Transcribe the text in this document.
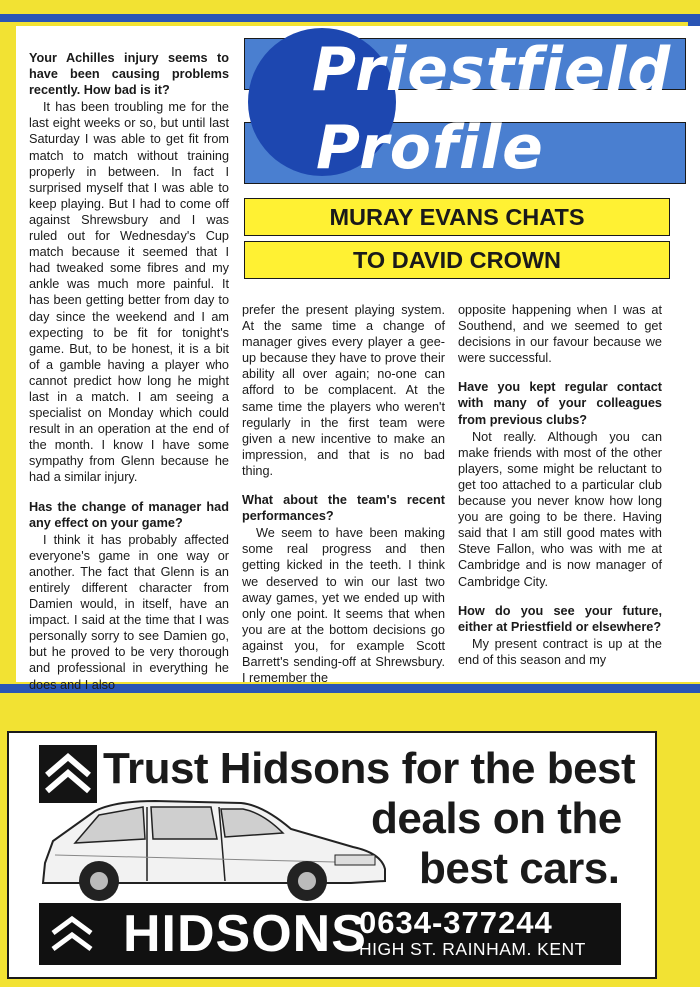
Priestfield
Profile
MURAY EVANS CHATS
TO DAVID CROWN

Your Achilles injury seems to have been causing problems recently. How bad is it?

It has been troubling me for the last eight weeks or so, but until last Saturday I was able to get fit from match to match without training properly in between. In fact I surprised myself that I was able to keep playing. But I had to come off against Shrewsbury and I was ruled out for Wednesday's Cup match because it seemed that I had tweaked some fibres and my ankle was much more painful. It has been getting better from day to day since the weekend and I am expecting to be fit for tonight's game. But, to be honest, it is a bit of a gamble having a player who cannot predict how long he might last in a match. I am seeing a specialist on Monday which could result in an operation at the end of the month. I know I have some sympathy from Glenn because he had a similar injury.

Has the change of manager had any effect on your game?

I think it has probably affected everyone's game in one way or another. The fact that Glenn is an entirely different character from Damien would, in itself, have an impact. I said at the time that I was personally sorry to see Damien go, but he proved to be very thorough and professional in everything he does and I also

prefer the present playing system. At the same time a change of manager gives every player a gee-up because they have to prove their ability all over again; no-one can afford to be complacent. At the same time the players who weren't regularly in the first team were given a new incentive to make an impression, and that is no bad thing.

What about the team's recent performances?

We seem to have been making some real progress and then getting kicked in the teeth. I think we deserved to win our last two away games, yet we ended up with only one point. It seems that when you are at the bottom decisions go against you, for example Scott Barrett's sending-off at Shrewsbury. I remember the

opposite happening when I was at Southend, and we seemed to get decisions in our favour because we were successful.

Have you kept regular contact with many of your colleagues from previous clubs?

Not really. Although you can make friends with most of the other players, some might be reluctant to get too attached to a particular club because you never know how long you are going to be there. Having said that I am still good mates with Steve Fallon, who was with me at Cambridge and is now manager of Cambridge City.

How do you see your future, either at Priestfield or elsewhere?

My present contract is up at the end of this season and my

Trust Hidsons for the best
deals on the
best cars.
HIDSONS
0634-377244
HIGH ST. RAINHAM. KENT
